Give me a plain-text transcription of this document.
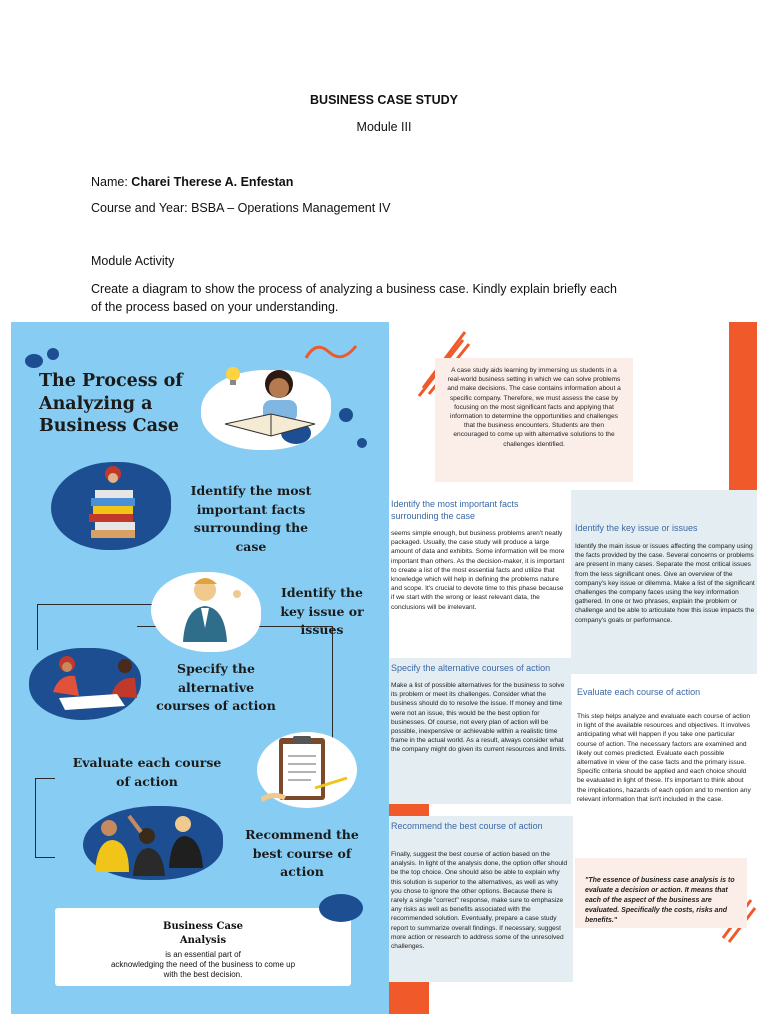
BUSINESS CASE STUDY
Module III
Name: Charei Therese A. Enfestan
Course and Year: BSBA – Operations Management IV
Module Activity
Create a diagram to show the process of analyzing a business case. Kindly explain briefly each
of the process based on your understanding.
The Process of
Analyzing a
Business Case
Identify the most
important facts
surrounding the
case
Identify the
key issue or
issues
Specify the
alternative
courses of action
Evaluate each course
of action
Recommend the
best course of
action
Business Case
Analysis
is an essential part of
acknowledging the need of the business to come up
with the best decision.
A case study aids learning by immersing us students in a real-world business setting in which we can solve problems and make decisions. The case contains information about a specific company. Therefore, we must assess the case by focusing on the most significant facts and applying that information to determine the opportunities and challenges that the business encounters. Students are then encouraged to come up with alternative solutions to the challenges identified.
Identify the most important facts surrounding the case
seems simple enough, but business problems aren't neatly packaged. Usually, the case study will produce a large amount of data and exhibits. Some information will be more important than others. As the decision-maker, it is important to create a list of the most essential facts and utilize that knowledge which will help in defining the problems nature and scope. It's crucial to devote time to this phase because if we start with the wrong or least relevant data, the conclusions will be irrelevant.
Identify the key issue or issues
Identify the main issue or issues affecting the company using the facts provided by the case. Several concerns or problems are present in many cases. Separate the most critical issues from the less significant ones. Give an overview of the company's key issue or dilemma. Make a list of the significant challenges the company faces using the key information gathered. In one or two phrases, explain the problem or challenge and be able to articulate how this issue impacts the company's goals or performance.
Specify the alternative courses of action
Make a list of possible alternatives for the business to solve its problem or meet its challenges. Consider what the business should do to resolve the issue. If money and time were not an issue, this would be the best option for businesses. Of course, not every plan of action will be possible, inexpensive or achievable within a realistic time frame in the actual world. As a result, always consider what the company might do given its current resources and limits.
Evaluate each course of action
This step helps analyze and evaluate each course of action in light of the available resources and objectives. It involves anticipating what will happen if you take one particular course of action. The necessary factors are examined and likely out comes predicted. Evaluate each possible alternative in view of the case facts and the primary issue. Specific criteria should be applied and each choice should be evaluated in light of these. It's important to think about the implications, hazards of each option and to mention any relevant information that isn't included in the case.
Recommend the best course of action
Finally, suggest the best course of action based on the analysis. In light of the analysis done, the option offer should be the top choice. One should also be able to explain why this solution is superior to the alternatives, as well as why you chose to ignore the other options. Because there is rarely a single "correct" response, make sure to emphasize any risks as well as benefits associated with the recommended solution. Eventually, prepare a case study report to summarize overall findings. If necessary, suggest more action or research to address some of the unresolved challenges.
"The essence of business case analysis is to evaluate a decision or action. It means that each of the aspect of the business are evaluated. Specifically the costs, risks and benefits."
